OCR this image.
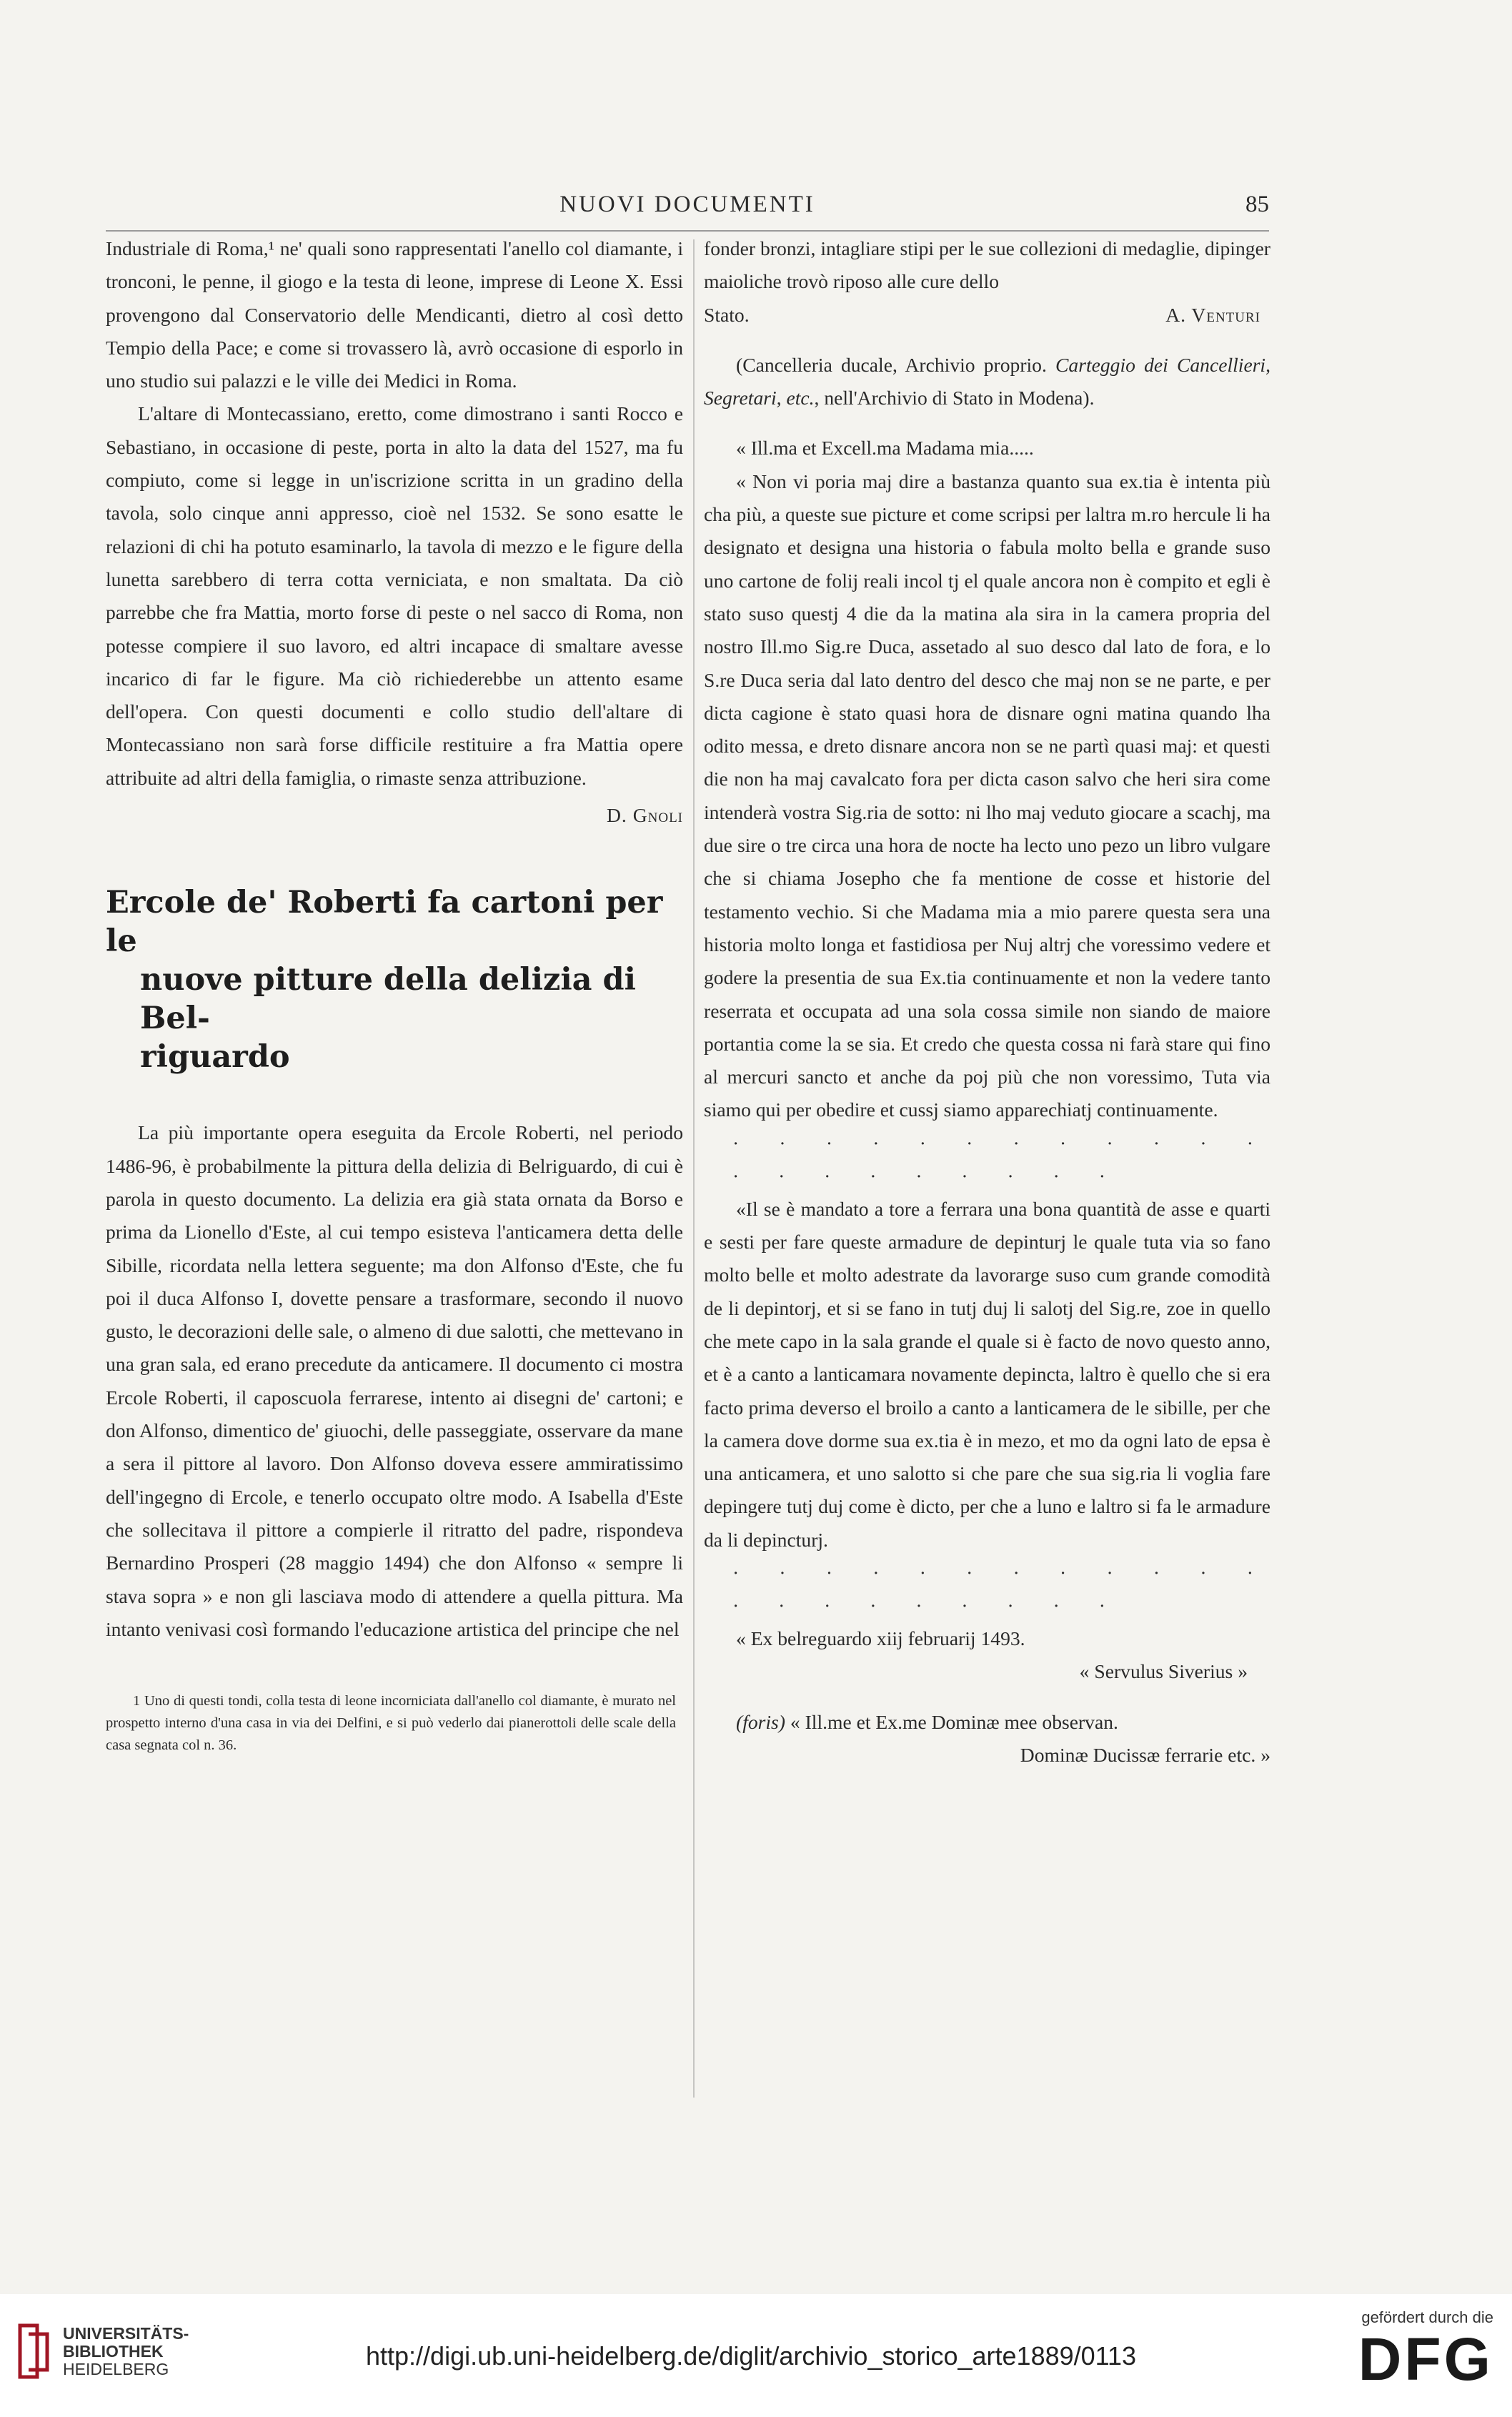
NUOVI DOCUMENTI	85

Industriale di Roma,¹ ne' quali sono rappresentati l'anello col diamante, i tronconi, le penne, il giogo e la testa di leone, imprese di Leone X. Essi provengono dal Conservatorio delle Mendicanti, dietro al così detto Tempio della Pace; e come si trovassero là, avrò occasione di esporlo in uno studio sui palazzi e le ville dei Medici in Roma.

L'altare di Montecassiano, eretto, come dimostrano i santi Rocco e Sebastiano, in occasione di peste, porta in alto la data del 1527, ma fu compiuto, come si legge in un'iscrizione scritta in un gradino della tavola, solo cinque anni appresso, cioè nel 1532. Se sono esatte le relazioni di chi ha potuto esaminarlo, la tavola di mezzo e le figure della lunetta sarebbero di terra cotta verniciata, e non smaltata. Da ciò parrebbe che fra Mattia, morto forse di peste o nel sacco di Roma, non potesse compiere il suo lavoro, ed altri incapace di smaltare avesse incarico di far le figure. Ma ciò richiederebbe un attento esame dell'opera. Con questi documenti e collo studio dell'altare di Montecassiano non sarà forse difficile restituire a fra Mattia opere attribuite ad altri della famiglia, o rimaste senza attribuzione.

D. Gnoli

Ercole de' Roberti fa cartoni per le
nuove pitture della delizia di Bel-
riguardo

La più importante opera eseguita da Ercole Roberti, nel periodo 1486-96, è probabilmente la pittura della delizia di Belriguardo, di cui è parola in questo documento. La delizia era già stata ornata da Borso e prima da Lionello d'Este, al cui tempo esisteva l'anticamera detta delle Sibille, ricordata nella lettera seguente; ma don Alfonso d'Este, che fu poi il duca Alfonso I, dovette pensare a trasformare, secondo il nuovo gusto, le decorazioni delle sale, o almeno di due salotti, che mettevano in una gran sala, ed erano precedute da anticamere. Il documento ci mostra Ercole Roberti, il caposcuola ferrarese, intento ai disegni de' cartoni; e don Alfonso, dimentico de' giuochi, delle passeggiate, osservare da mane a sera il pittore al lavoro. Don Alfonso doveva essere ammiratissimo dell'ingegno di Ercole, e tenerlo occupato oltre modo. A Isabella d'Este che sollecitava il pittore a compierle il ritratto del padre, rispondeva Bernardino Prosperi (28 maggio 1494) che don Alfonso « sempre li stava sopra » e non gli lasciava modo di attendere a quella pittura. Ma intanto venivasi così formando l'educazione artistica del principe che nel

1 Uno di questi tondi, colla testa di leone incorniciata dall'anello col diamante, è murato nel prospetto interno d'una casa in via dei Delfini, e si può vederlo dai pianerottoli delle scale della casa segnata col n. 36.

fonder bronzi, intagliare stipi per le sue collezioni di medaglie, dipinger maioliche trovò riposo alle cure dello

Stato.	A. Venturi

(Cancelleria ducale, Archivio proprio. Carteggio dei Cancellieri, Segretari, etc., nell'Archivio di Stato in Modena).

« Ill.ma et Excell.ma Madama mia.....

« Non vi poria maj dire a bastanza quanto sua ex.tia è intenta più cha più, a queste sue picture et come scripsi per laltra m.ro hercule li ha designato et designa una historia o fabula molto bella e grande suso uno cartone de folij reali incol tj el quale ancora non è compito et egli è stato suso questj 4 die da la matina ala sira in la camera propria del nostro Ill.mo Sig.re Duca, assetado al suo desco dal lato de fora, e lo S.re Duca seria dal lato dentro del desco che maj non se ne parte, e per dicta cagione è stato quasi hora de disnare ogni matina quando lha odito messa, e dreto disnare ancora non se ne partì quasi maj: et questi die non ha maj cavalcato fora per dicta cason salvo che heri sira come intenderà vostra Sig.ria de sotto: ni lho maj veduto giocare a scachj, ma due sire o tre circa una hora de nocte ha lecto uno pezo un libro vulgare che si chiama Josepho che fa mentione de cosse et historie del testamento vechio. Si che Madama mia a mio parere questa sera una historia molto longa et fastidiosa per Nuj altrj che voressimo vedere et godere la presentia de sua Ex.tia continuamente et non la vedere tanto reserrata et occupata ad una sola cossa simile non siando de maiore portantia come la se sia. Et credo che questa cossa ni farà stare qui fino al mercuri sancto et anche da poj più che non voressimo, Tuta via siamo qui per obedire et cussj siamo apparechiatj continuamente.

· · · · · · · · · · · · · · · · · · · · ·

«Il se è mandato a tore a ferrara una bona quantità de asse e quarti e sesti per fare queste armadure de depinturj le quale tuta via so fano molto belle et molto adestrate da lavorarge suso cum grande comodità de li depintorj, et si se fano in tutj duj li salotj del Sig.re, zoe in quello che mete capo in la sala grande el quale si è facto de novo questo anno, et è a canto a lanticamara novamente depincta, laltro è quello che si era facto prima deverso el broilo a canto a lanticamera de le sibille, per che la camera dove dorme sua ex.tia è in mezo, et mo da ogni lato de epsa è una anticamera, et uno salotto si che pare che sua sig.ria li voglia fare depingere tutj duj come è dicto, per che a luno e laltro si fa le armadure da li depincturj.

· · · · · · · · · · · · · · · · · · · · ·

« Ex belreguardo xiij februarij 1493.

« Servulus Siverius »

(foris) « Ill.me et Ex.me Dominæ mee observan.

Dominæ Ducissæ ferrarie etc. »

UNIVERSITÄTS-
BIBLIOTHEK
HEIDELBERG	http://digi.ub.uni-heidelberg.de/diglit/archivio_storico_arte1889/0113
gefördert durch die
DFG
